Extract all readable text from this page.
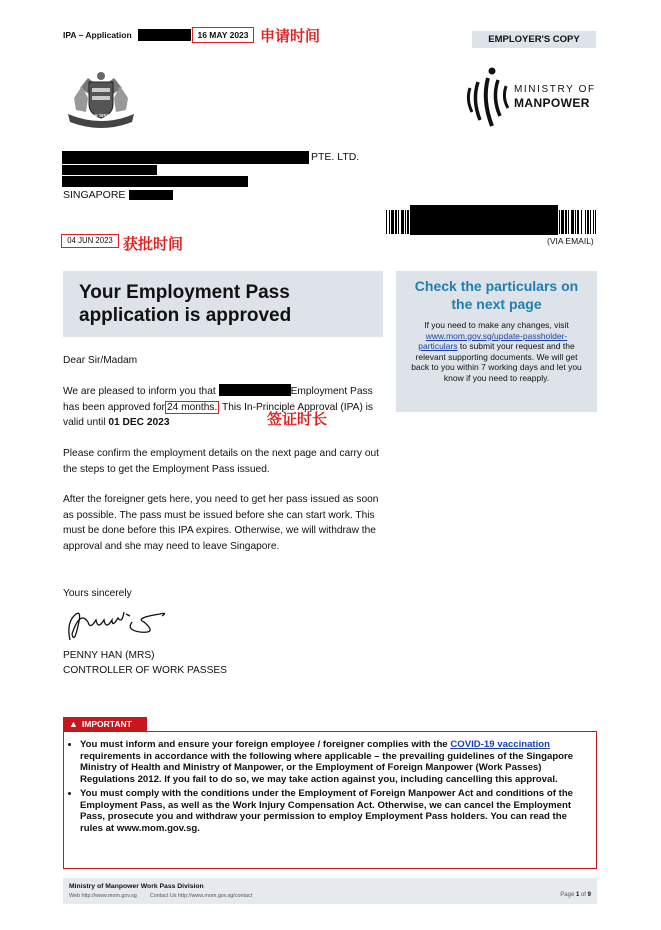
IPA – Application	16 MAY 2023 申请时间	EMPLOYER'S COPY
MAJULAH SINGAPURA
MINISTRY OF
MANPOWER
PTE. LTD.
SINGAPORE
(VIA EMAIL)
04 JUN 2023 获批时间
Your Employment Pass
application is approved
Check the particulars on
the next page
If you need to make any changes, visit www.mom.gov.sg/update-passholder-particulars to submit your request and the relevant supporting documents. We will get back to you within 7 working days and let you know if you need to reapply.

Dear Sir/Madam

We are pleased to inform you that	Employment Pass has been approved for 24 months. This In-Principle Approval (IPA) is valid until 01 DEC 2023	签证时长

Please confirm the employment details on the next page and carry out the steps to get the Employment Pass issued.

After the foreigner gets here, you need to get her pass issued as soon as possible. The pass must be issued before she can start work. This must be done before this IPA expires. Otherwise, we will withdraw the approval and she may need to leave Singapore.

Yours sincerely

PENNY HAN (MRS)

CONTROLLER OF WORK PASSES

▲ IMPORTANT
• You must inform and ensure your foreign employee / foreigner complies with the COVID-19 vaccination requirements in accordance with the following where applicable – the prevailing guidelines of the Singapore Ministry of Health and Ministry of Manpower, or the Employment of Foreign Manpower (Work Passes) Regulations 2012. If you fail to do so, we may take action against you, including cancelling this approval.
• You must comply with the conditions under the Employment of Foreign Manpower Act and conditions of the Employment Pass, as well as the Work Injury Compensation Act. Otherwise, we can cancel the Employment Pass, prosecute you and withdraw your permission to employ Employment Pass holders. You can read the rules at www.mom.gov.sg.
Ministry of Manpower Work Pass Division
Web http://www.mom.gov.sg Contact Us http://www.mom.gov.sg/contact	Page 1 of 9
